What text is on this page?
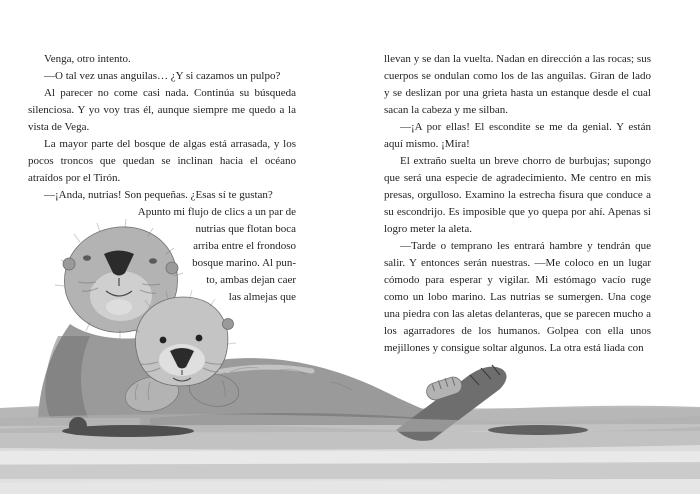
Venga, otro intento.

—O tal vez unas anguilas… ¿Y si cazamos un pulpo?

Al parecer no come casi nada. Continúa su búsqueda silenciosa. Y yo voy tras él, aunque siempre me quedo a la vista de Vega.

La mayor parte del bosque de algas está arrasada, y los pocos troncos que quedan se inclinan hacia el océano atraídos por el Tirón.

—¡Anda, nutrias! Son pequeñas. ¿Esas sí te gustan?

Apunto mi flujo de clics a un par de
nutrias que flotan boca
arriba entre el frondoso
bosque marino. Al pun-
to, ambas dejan caer
las almejas que

llevan y se dan la vuelta. Nadan en dirección a las rocas; sus cuerpos se ondulan como los de las anguilas. Giran de lado y se deslizan por una grieta hasta un estanque desde el cual sacan la cabeza y me silban.

—¡A por ellas! El escondite se me da genial. Y están aquí mismo. ¡Mira!

El extraño suelta un breve chorro de burbujas; supongo que será una especie de agradecimiento. Me centro en mis presas, orgulloso. Examino la estrecha fisura que conduce a su escondrijo. Es imposible que yo quepa por ahí. Apenas si logro meter la aleta.

—Tarde o temprano les entrará hambre y tendrán que salir. Y entonces serán nuestras. —Me coloco en un lugar cómodo para esperar y vigilar. Mi estómago vacío ruge como un lobo marino. Las nutrias se sumergen. Una coge una piedra con las aletas delanteras, que se parecen mucho a los agarradores de los humanos. Golpea con ella unos mejillones y consigue soltar algunos. La otra está liada con
